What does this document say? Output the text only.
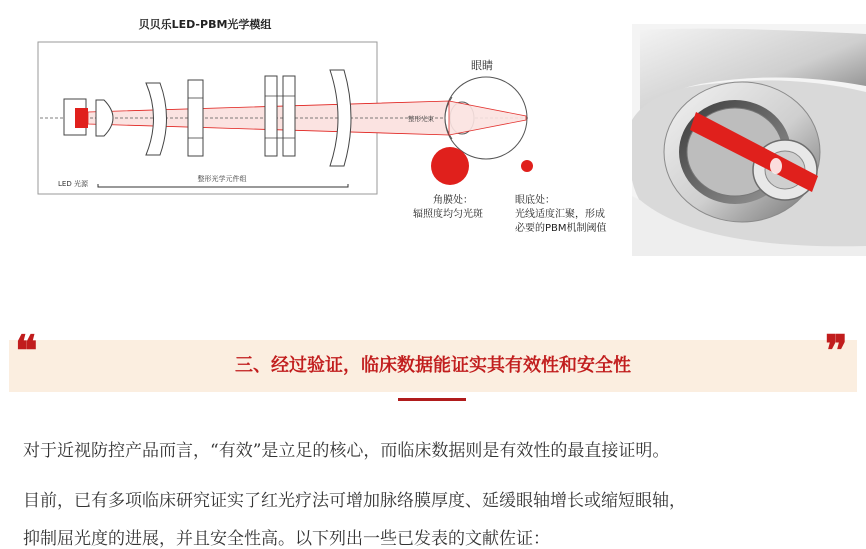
贝贝乐LED-PBM光学模组
LED 光源
整形光学元件组
整形光束
眼睛
角膜处：
辐照度均匀光斑
眼底处：
光线适度汇聚，形成
必要的PBM机制阈值
❝	❞
三、经过验证，临床数据能证实其有效性和安全性

对于近视防控产品而言，“有效”是立足的核心，而临床数据则是有效性的最直接证明。

目前，已有多项临床研究证实了红光疗法可增加脉络膜厚度、延缓眼轴增长或缩短眼轴，

抑制屈光度的进展，并且安全性高。以下列出一些已发表的文献佐证：
